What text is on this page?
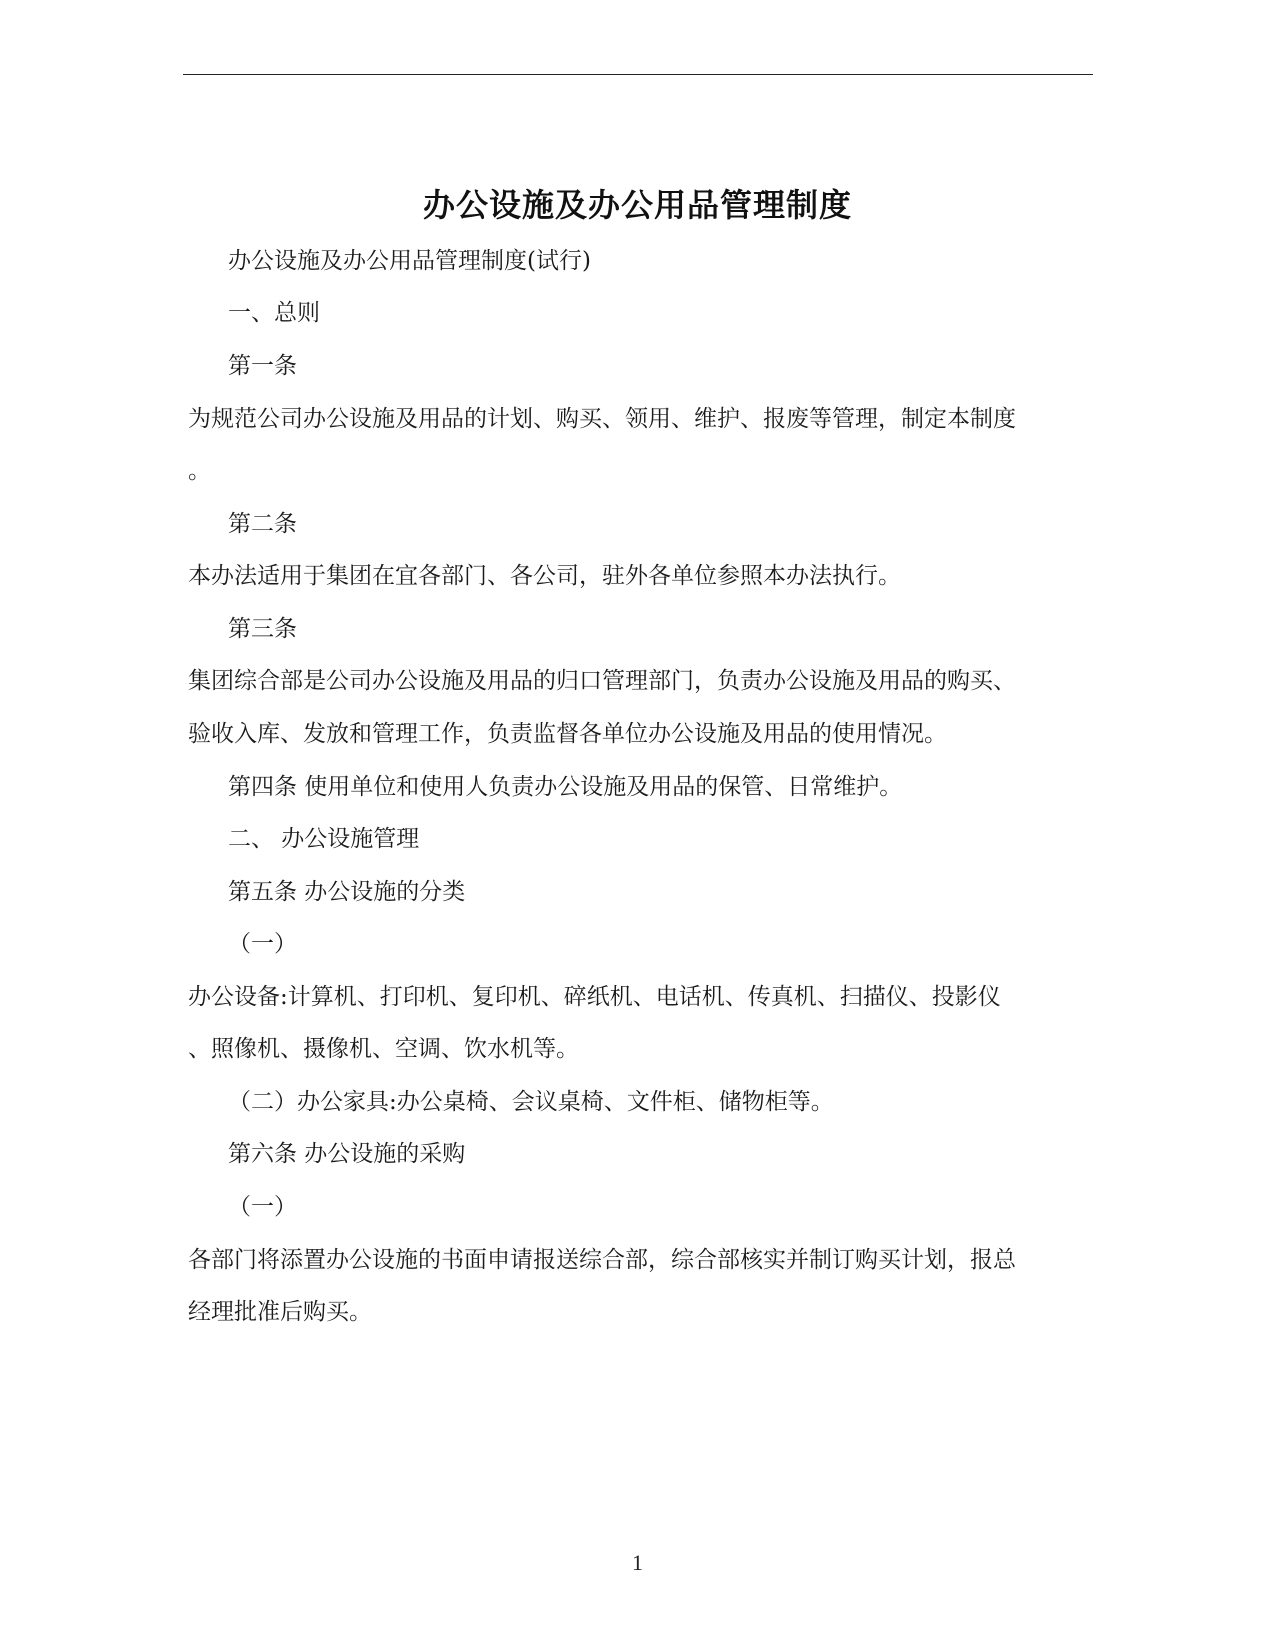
办公设施及办公用品管理制度
办公设施及办公用品管理制度(试行)
一、总则
第一条
为规范公司办公设施及用品的计划、购买、领用、维护、报废等管理，制定本制度
。
第二条
本办法适用于集团在宜各部门、各公司，驻外各单位参照本办法执行。
第三条
集团综合部是公司办公设施及用品的归口管理部门，负责办公设施及用品的购买、
验收入库、发放和管理工作，负责监督各单位办公设施及用品的使用情况。
第四条 使用单位和使用人负责办公设施及用品的保管、日常维护。
二、 办公设施管理
第五条 办公设施的分类
（一）
办公设备:计算机、打印机、复印机、碎纸机、电话机、传真机、扫描仪、投影仪
、照像机、摄像机、空调、饮水机等。
（二）办公家具:办公桌椅、会议桌椅、文件柜、储物柜等。
第六条 办公设施的采购
（一）
各部门将添置办公设施的书面申请报送综合部，综合部核实并制订购买计划，报总
经理批准后购买。
1
